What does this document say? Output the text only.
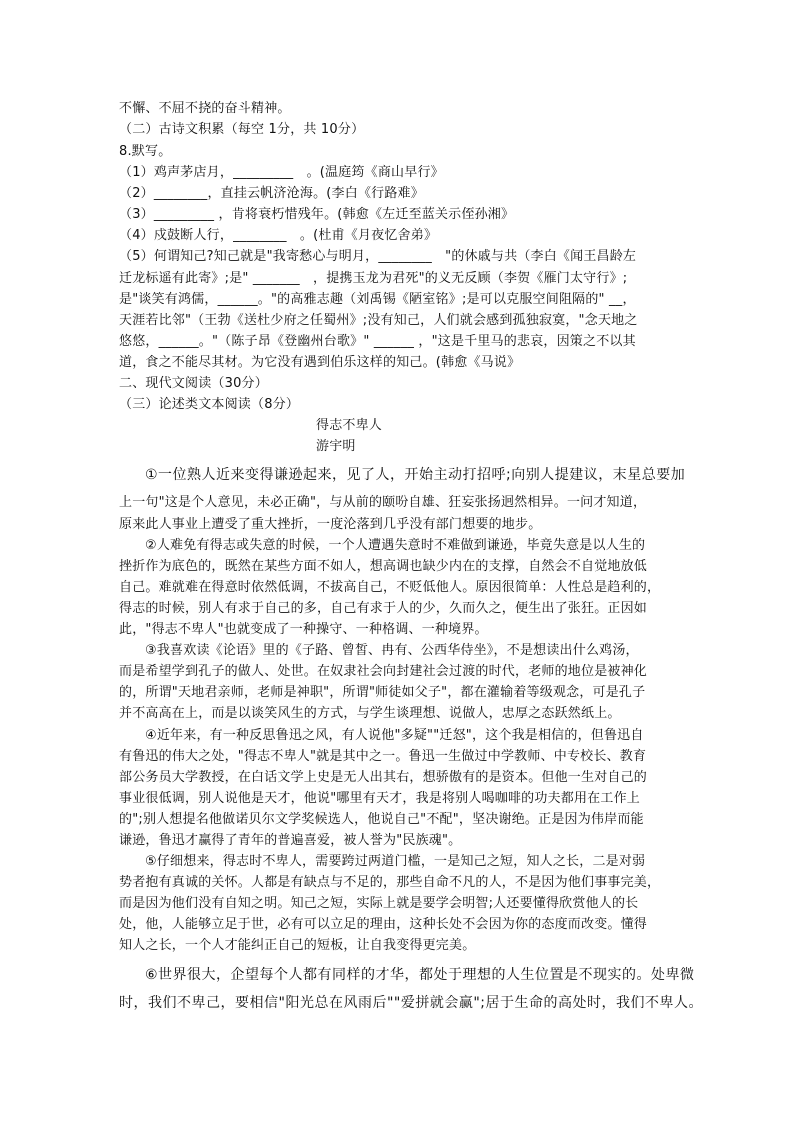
不懈、不屈不挠的奋斗精神。
（二）古诗文积累（每空 1分，共 10分）
8.默写。
（1）鸡声茅店月，_________　。(温庭筠《商山早行》
（2）________，直挂云帆济沧海。(李白《行路难》
（3）_________ ，肯将衰朽惜残年。(韩愈《左迁至蓝关示侄孙湘》
（4）戍鼓断人行，________　。(杜甫《月夜忆舍弟》
（5）何谓知己?知己就是"我寄愁心与明月，________　"的休戚与共（李白《闻王昌龄左
迁龙标遥有此寄》;是" _______　，提携玉龙为君死"的义无反顾（李贺《雁门太守行》;
是"谈笑有鸿儒，______。"的高雅志趣（刘禹锡《陋室铭》;是可以克服空间阻隔的" __，
天涯若比邻"（王勃《送杜少府之任蜀州》;没有知己，人们就会感到孤独寂寞，"念天地之
悠悠，______。"（陈子昂《登幽州台歌》" ______ ，"这是千里马的悲哀，因策之不以其
道，食之不能尽其材。为它没有遇到伯乐这样的知己。(韩愈《马说》
二、现代文阅读（30分）
（三）论述类文本阅读（8分）
得志不卑人
游宇明
①一位熟人近来变得谦逊起来，见了人，开始主动打招呼;向别人提建议，末星总要加
上一句"这是个人意见，未必正确"，与从前的颐吩自雄、狂妄张扬迥然相异。一问才知道，
原来此人事业上遭受了重大挫折，一度沦落到几乎没有部门想要的地步。
②人难免有得志或失意的时候，一个人遭遇失意时不难做到谦逊，毕竟失意是以人生的
挫折作为底色的，既然在某些方面不如人，想高调也缺少内在的支撑，自然会不自觉地放低
自己。难就难在得意时依然低调，不拔高自己，不贬低他人。原因很简单：人性总是趋利的，
得志的时候，别人有求于自己的多，自己有求于人的少，久而久之，便生出了张狂。正因如
此，"得志不卑人"也就变成了一种操守、一种格调、一种境界。
③我喜欢读《论语》里的《子路、曾皙、冉有、公西华侍坐》，不是想读出什么鸡汤，
而是希望学到孔子的做人、处世。在奴隶社会向封建社会过渡的时代，老师的地位是被神化
的，所谓"天地君亲师，老师是神职"，所谓"师徒如父子"，都在灌输着等级观念，可是孔子
并不高高在上，而是以谈笑风生的方式，与学生谈理想、说做人，忠厚之态跃然纸上。
④近年来，有一种反思鲁迅之风，有人说他"多疑""迁怒"，这个我是相信的，但鲁迅自
有鲁迅的伟大之处，"得志不卑人"就是其中之一。鲁迅一生做过中学教师、中专校长、教育
部公务员大学教授，在白话文学上史是无人出其右，想骄傲有的是资本。但他一生对自己的
事业很低调，别人说他是天才，他说"哪里有天才，我是将别人喝咖啡的功夫都用在工作上
的";别人想提名他做诺贝尔文学奖候选人，他说自己"不配"，坚决谢绝。正是因为伟岸而能
谦逊，鲁迅才赢得了青年的普遍喜爱，被人誉为"民族魂"。
⑤仔细想来，得志时不卑人，需要跨过两道门槛，一是知己之短，知人之长，二是对弱
势者抱有真诚的关怀。人都是有缺点与不足的，那些自命不凡的人，不是因为他们事事完美，
而是因为他们没有自知之明。知己之短，实际上就是要学会明智;人还要懂得欣赏他人的长
处，他，人能够立足于世，必有可以立足的理由，这种长处不会因为你的态度而改变。懂得
知人之长，一个人才能纠正自己的短板，让自我变得更完美。
⑥世界很大，企望每个人都有同样的才华，都处于理想的人生位置是不现实的。处卑微
时，我们不卑己，要相信"阳光总在风雨后""爱拼就会赢";居于生命的高处时，我们不卑人。
